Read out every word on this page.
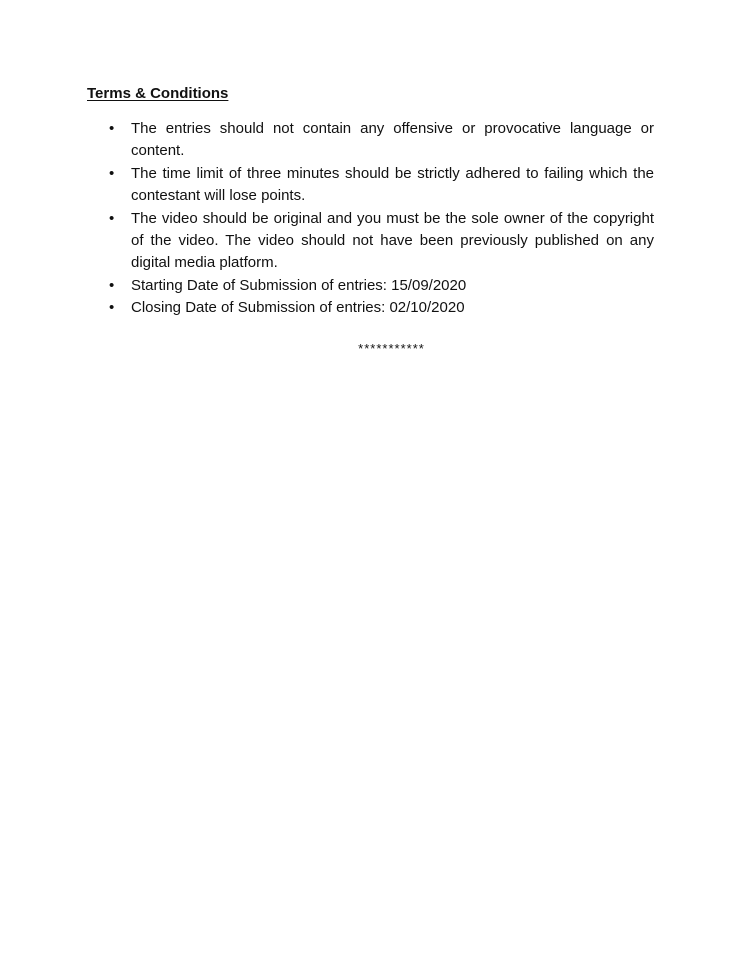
Terms & Conditions
• The entries should not contain any offensive or provocative language or content.
• The time limit of three minutes should be strictly adhered to failing which the contestant will lose points.
• The video should be original and you must be the sole owner of the copyright of the video. The video should not have been previously published on any digital media platform.
• Starting Date of Submission of entries: 15/09/2020
• Closing Date of Submission of entries: 02/10/2020
***********
